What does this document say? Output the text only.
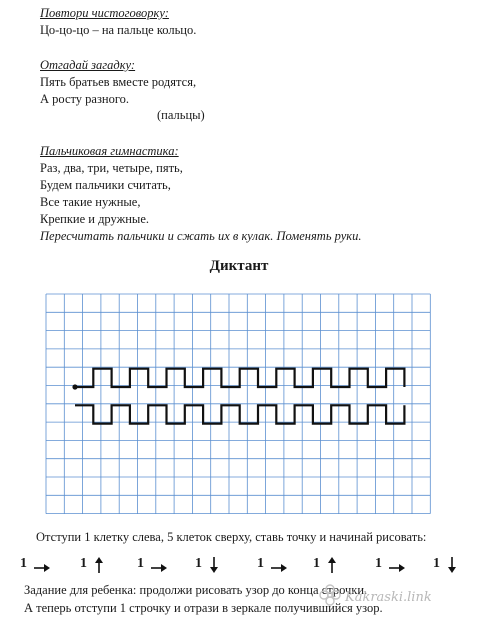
Повтори чистоговорку:
Цо-цо-цо – на пальце кольцо.
Отгадай загадку:
Пять братьев вместе родятся,
А росту разного.
(пальцы)
Пальчиковая гимнастика:
Раз, два, три, четыре, пять,
Будем пальчики считать,
Все такие нужные,
Крепкие и дружные.
Пересчитать пальчики и сжать их в кулак. Поменять руки.
Диктант
Отступи 1 клетку слева, 5 клеток сверху, ставь точку и начинай рисовать:
1	1	1	1	1	1	1	1
Задание для ребенка: продолжи рисовать узор до конца строчки.
А теперь отступи 1 строчку и отрази в зеркале получившийся узор.
Kakraski.link
